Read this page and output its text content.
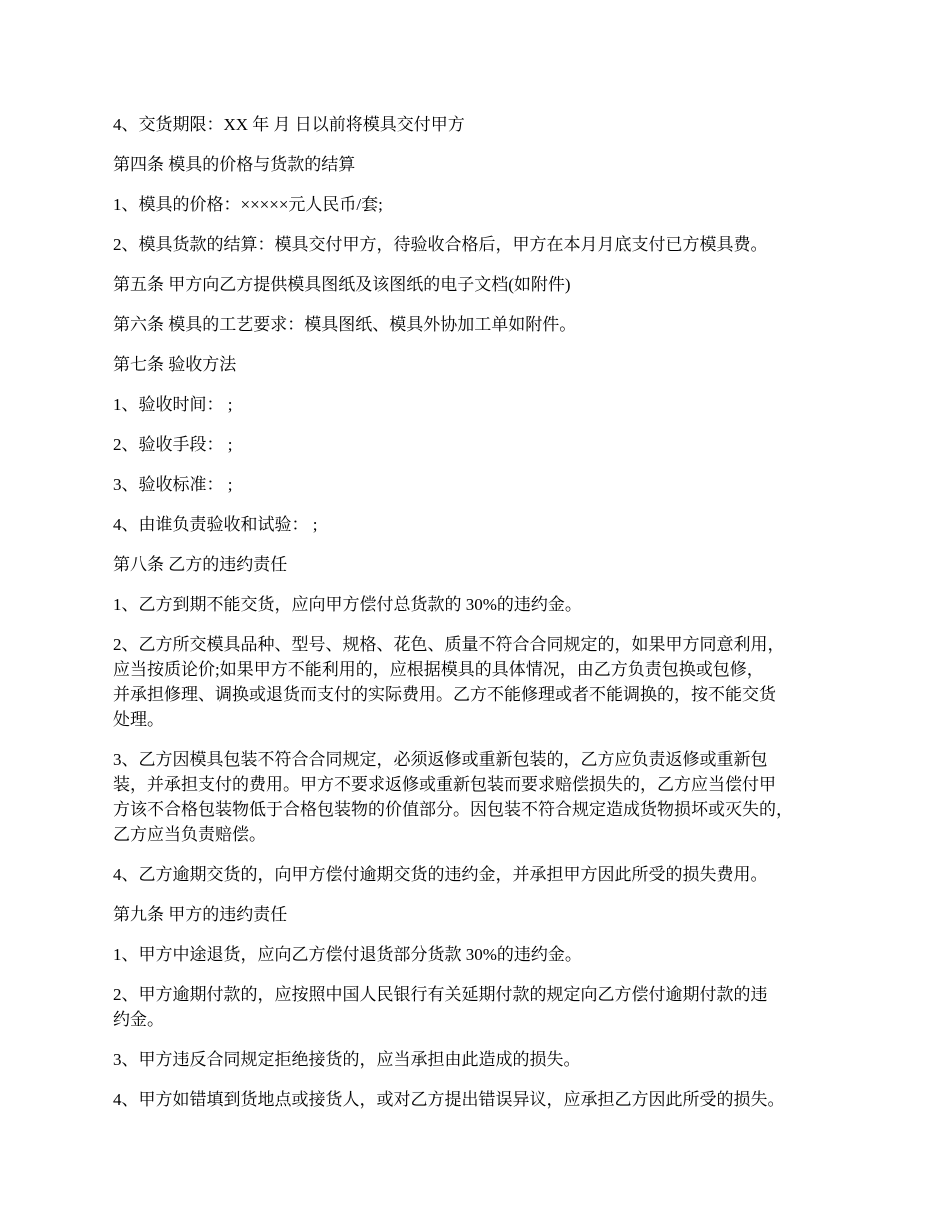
4、交货期限：XX 年 月 日以前将模具交付甲方
第四条 模具的价格与货款的结算
1、模具的价格：×××××元人民币/套;
2、模具货款的结算：模具交付甲方，待验收合格后，甲方在本月月底支付已方模具费。
第五条 甲方向乙方提供模具图纸及该图纸的电子文档(如附件)
第六条 模具的工艺要求：模具图纸、模具外协加工单如附件。
第七条 验收方法
1、验收时间： ;
2、验收手段： ;
3、验收标准： ;
4、由谁负责验收和试验： ;
第八条 乙方的违约责任
1、乙方到期不能交货，应向甲方偿付总货款的 30%的违约金。
2、乙方所交模具品种、型号、规格、花色、质量不符合合同规定的，如果甲方同意利用，
应当按质论价;如果甲方不能利用的，应根据模具的具体情况，由乙方负责包换或包修，
并承担修理、调换或退货而支付的实际费用。乙方不能修理或者不能调换的，按不能交货
处理。
3、乙方因模具包装不符合合同规定，必须返修或重新包装的，乙方应负责返修或重新包
装，并承担支付的费用。甲方不要求返修或重新包装而要求赔偿损失的，乙方应当偿付甲
方该不合格包装物低于合格包装物的价值部分。因包装不符合规定造成货物损坏或灭失的，
乙方应当负责赔偿。
4、乙方逾期交货的，向甲方偿付逾期交货的违约金，并承担甲方因此所受的损失费用。
第九条 甲方的违约责任
1、甲方中途退货，应向乙方偿付退货部分货款 30%的违约金。
2、甲方逾期付款的，应按照中国人民银行有关延期付款的规定向乙方偿付逾期付款的违
约金。
3、甲方违反合同规定拒绝接货的，应当承担由此造成的损失。
4、甲方如错填到货地点或接货人，或对乙方提出错误异议，应承担乙方因此所受的损失。
